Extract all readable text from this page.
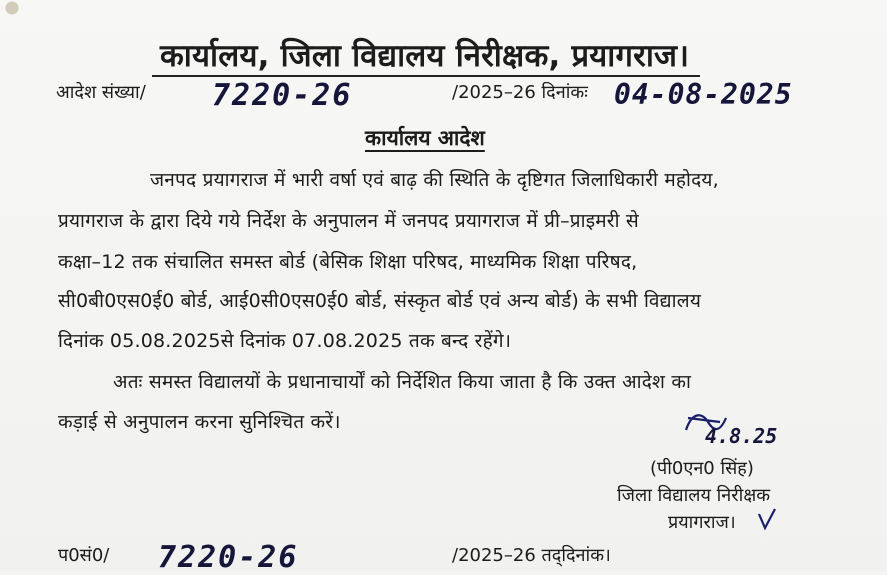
कार्यालय, जिला विद्यालय निरीक्षक, प्रयागराज।
आदेश संख्या/ 7220-26	/2025–26 दिनांकः 04-08-2025
कार्यालय आदेश
जनपद प्रयागराज में भारी वर्षा एवं बाढ़ की स्थिति के दृष्टिगत जिलाधिकारी महोदय,
प्रयागराज के द्वारा दिये गये निर्देश के अनुपालन में जनपद प्रयागराज में प्री–प्राइमरी से
कक्षा–12 तक संचालित समस्त बोर्ड (बेसिक शिक्षा परिषद, माध्यमिक शिक्षा परिषद,
सी0बी0एस0ई0 बोर्ड, आई0सी0एस0ई0 बोर्ड, संस्कृत बोर्ड एवं अन्य बोर्ड) के सभी विद्यालय
दिनांक 05.08.2025से दिनांक 07.08.2025 तक बन्द रहेंगे।
अतः समस्त विद्यालयों के प्रधानाचार्यों को निर्देशित किया जाता है कि उक्त आदेश का
कड़ाई से अनुपालन करना सुनिश्चित करें।
4.8.25
(पी0एन0 सिंह)
जिला विद्यालय निरीक्षक
प्रयागराज।
प0सं0/ 7220-26	/2025–26 तद्‌दिनांक।
